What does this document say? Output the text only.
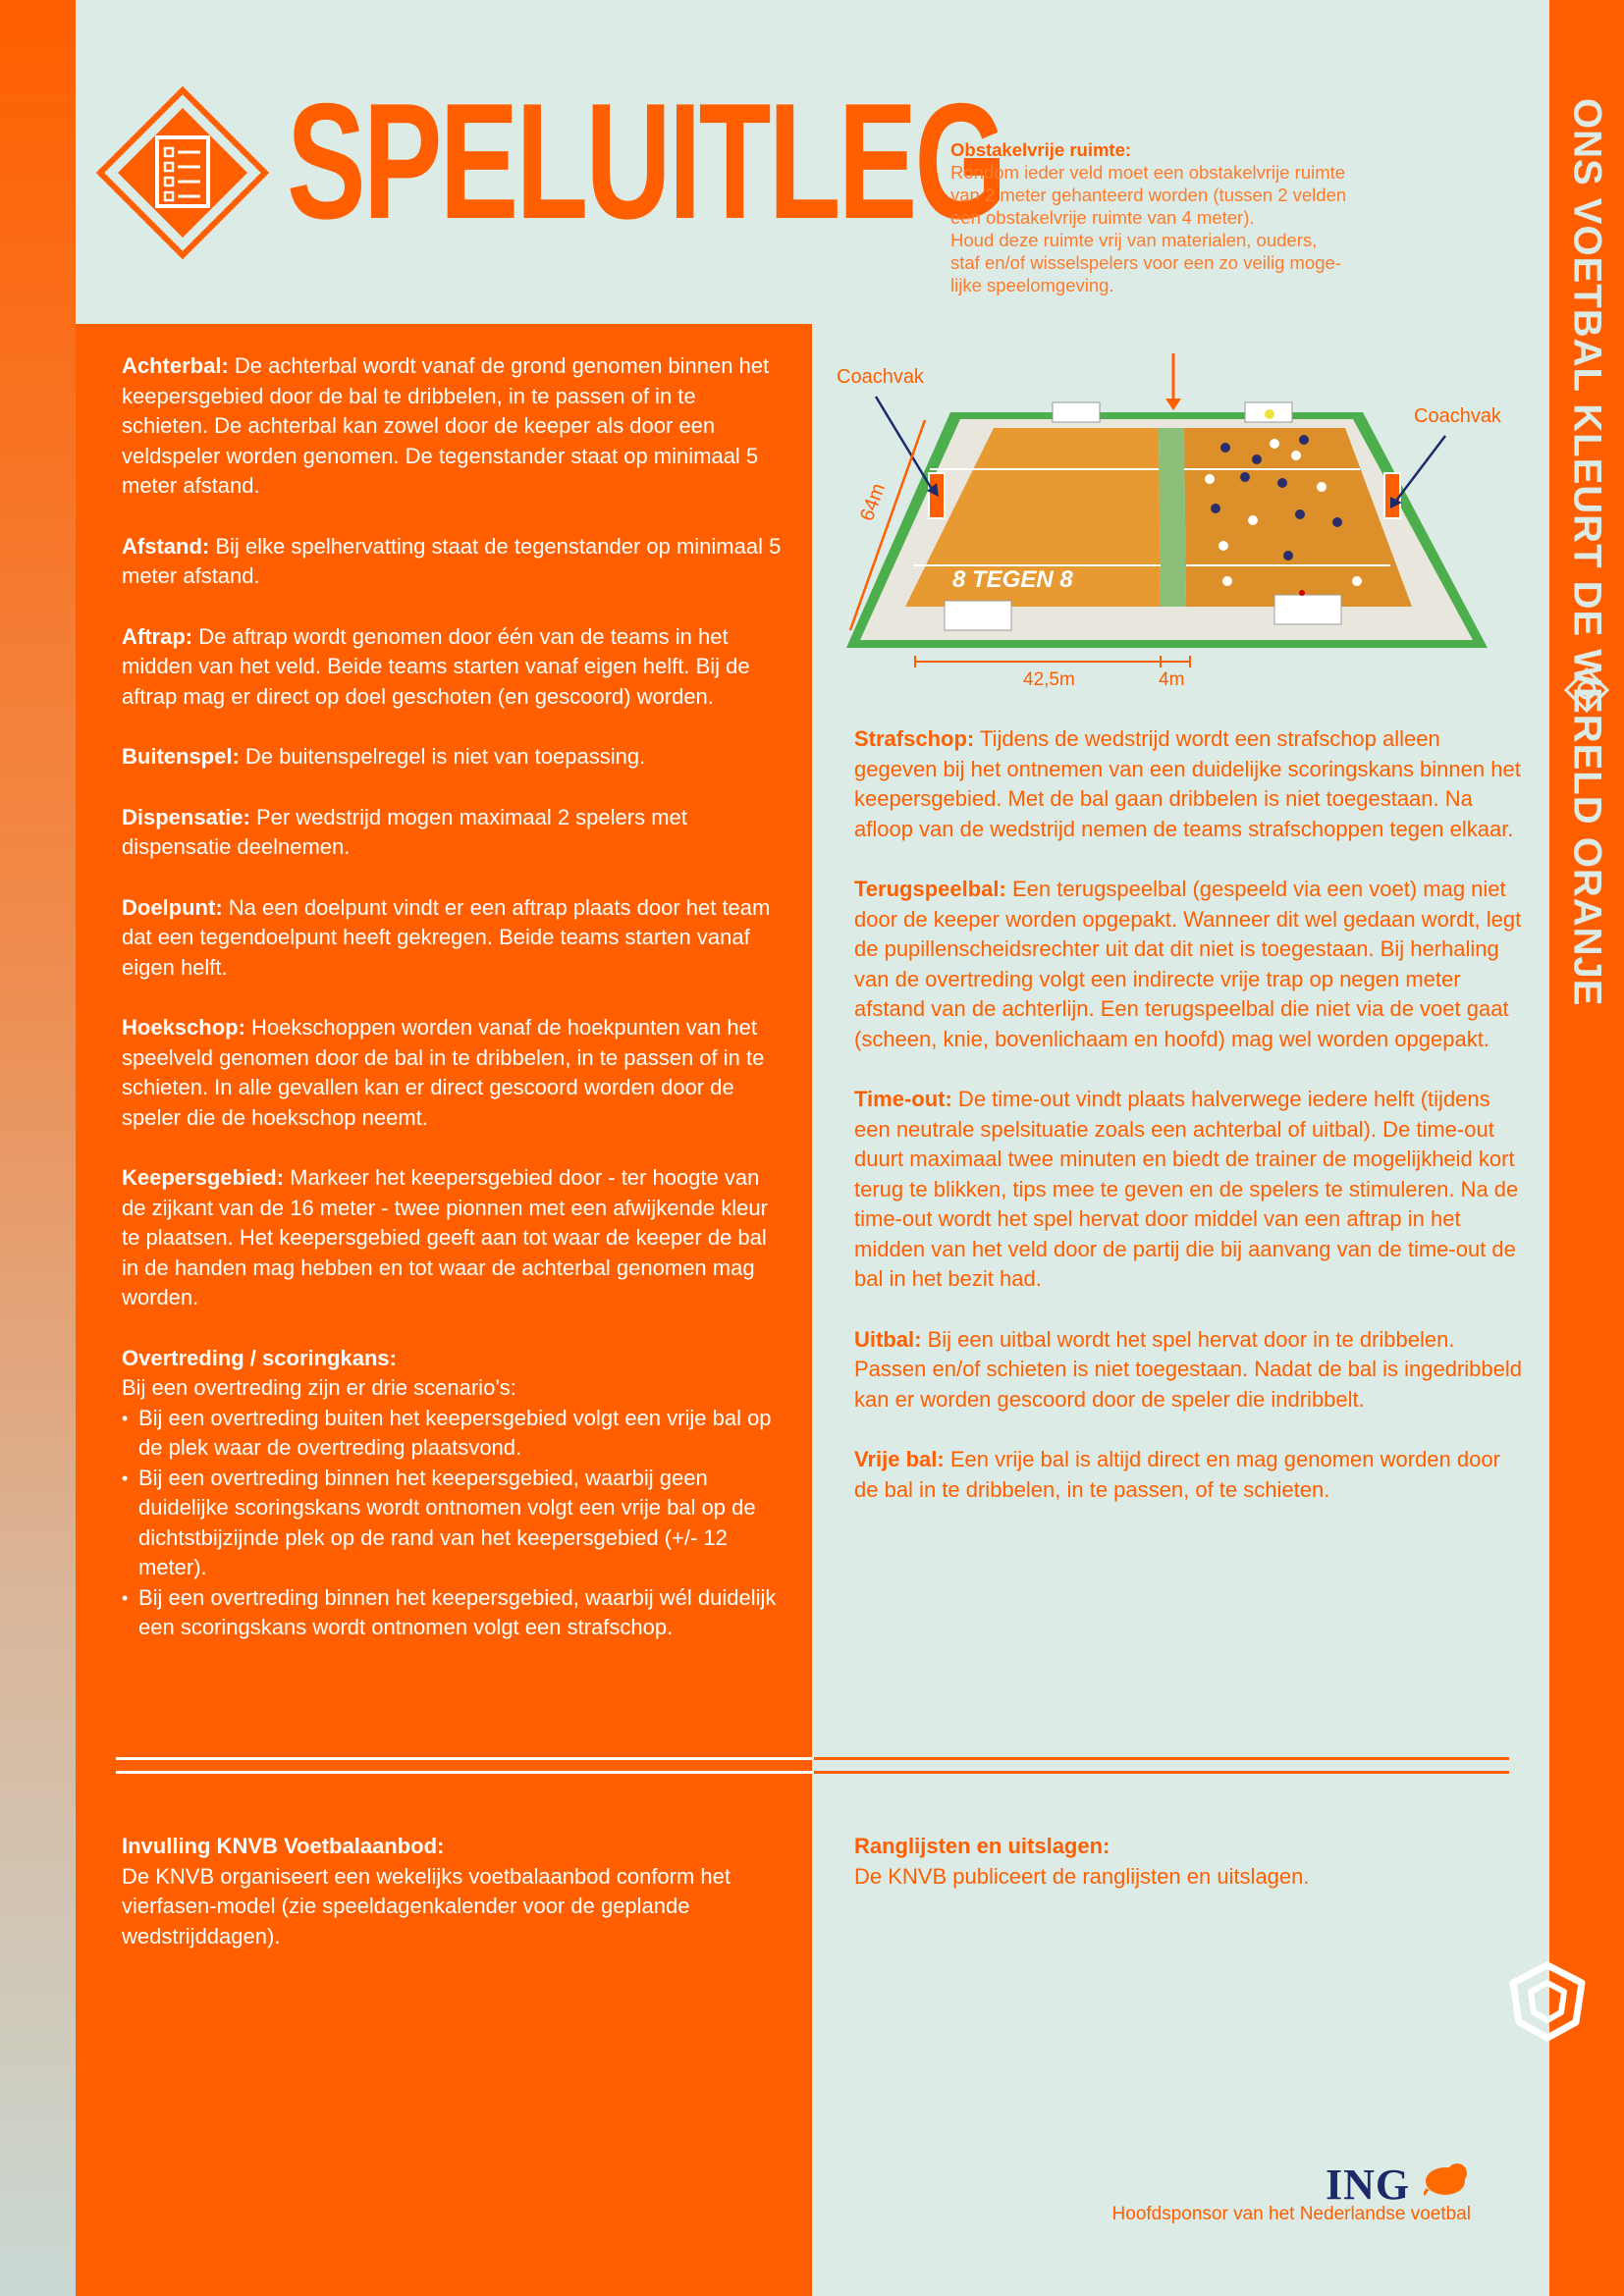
ONS VOETBAL KLEURT DE WERELD ORANJE
SPELUITLEG
Obstakelvrije ruimte:
Rondom ieder veld moet een obstakelvrije ruimte
van 2 meter gehanteerd worden (tussen 2 velden
een obstakelvrije ruimte van 4 meter).
Houd deze ruimte vrij van materialen, ouders,
staf en/of wisselspelers voor een zo veilig moge-
lijke speelomgeving.
8 TEGEN 8
Coachvak
Coachvak
64m
42,5m	4m

Achterbal: De achterbal wordt vanaf de grond genomen binnen het keepersgebied door de bal te dribbelen, in te passen of in te schieten. De achterbal kan zowel door de keeper als door een veldspeler worden genomen. De tegenstander staat op minimaal 5 meter afstand.

Afstand: Bij elke spelhervatting staat de tegenstander op minimaal 5 meter afstand.

Aftrap: De aftrap wordt genomen door één van de teams in het midden van het veld. Beide teams starten vanaf eigen helft. Bij de aftrap mag er direct op doel geschoten (en gescoord) worden.

Buitenspel: De buitenspelregel is niet van toepassing.

Dispensatie: Per wedstrijd mogen maximaal 2 spelers met dispensatie deelnemen.

Doelpunt: Na een doelpunt vindt er een aftrap plaats door het team dat een tegendoelpunt heeft gekregen. Beide teams starten vanaf eigen helft.

Hoekschop: Hoekschoppen worden vanaf de hoekpunten van het speelveld genomen door de bal in te dribbelen, in te passen of in te schieten. In alle gevallen kan er direct gescoord worden door de speler die de hoekschop neemt.

Keepersgebied: Markeer het keepersgebied door - ter hoogte van de zijkant van de 16 meter - twee pionnen met een afwijkende kleur te plaatsen. Het keepersgebied geeft aan tot waar de keeper de bal in de handen mag hebben en tot waar de achterbal genomen mag worden.

Overtreding / scoringkans:
Bij een overtreding zijn er drie scenario’s:
• Bij een overtreding buiten het keepersgebied volgt een vrije bal op de plek waar de overtreding plaatsvond.
• Bij een overtreding binnen het keepersgebied, waarbij geen duidelijke scoringskans wordt ontnomen volgt een vrije bal op de dichtstbijzijnde plek op de rand van het keepersgebied (+/- 12 meter).
• Bij een overtreding binnen het keepersgebied, waarbij wél duidelijk een scoringskans wordt ontnomen volgt een strafschop.

Strafschop: Tijdens de wedstrijd wordt een strafschop alleen gegeven bij het ontnemen van een duidelijke scoringskans binnen het keepersgebied. Met de bal gaan dribbelen is niet toegestaan. Na afloop van de wedstrijd nemen de teams strafschoppen tegen elkaar.

Terugspeelbal: Een terugspeelbal (gespeeld via een voet) mag niet door de keeper worden opgepakt. Wanneer dit wel gedaan wordt, legt de pupillenscheidsrechter uit dat dit niet is toegestaan. Bij herhaling van de overtreding volgt een indirecte vrije trap op negen meter afstand van de achterlijn. Een terugspeelbal die niet via de voet gaat (scheen, knie, bovenlichaam en hoofd) mag wel worden opgepakt.

Time-out: De time-out vindt plaats halverwege iedere helft (tijdens een neutrale spelsituatie zoals een achterbal of uitbal). De time-out duurt maximaal twee minuten en biedt de trainer de mogelijkheid kort terug te blikken, tips mee te geven en de spelers te stimuleren. Na de time-out wordt het spel hervat door middel van een aftrap in het midden van het veld door de partij die bij aanvang van de time-out de bal in het bezit had.

Uitbal: Bij een uitbal wordt het spel hervat door in te dribbelen. Passen en/of schieten is niet toegestaan. Nadat de bal is ingedribbeld kan er worden gescoord door de speler die indribbelt.

Vrije bal: Een vrije bal is altijd direct en mag genomen worden door de bal in te dribbelen, in te passen, of te schieten.

Invulling KNVB Voetbalaanbod:
De KNVB organiseert een wekelijks voetbalaanbod conform het vierfasen-model (zie speeldagenkalender voor de geplande wedstrijddagen).
Ranglijsten en uitslagen:
De KNVB publiceert de ranglijsten en uitslagen.
ING
Hoofdsponsor van het Nederlandse voetbal
